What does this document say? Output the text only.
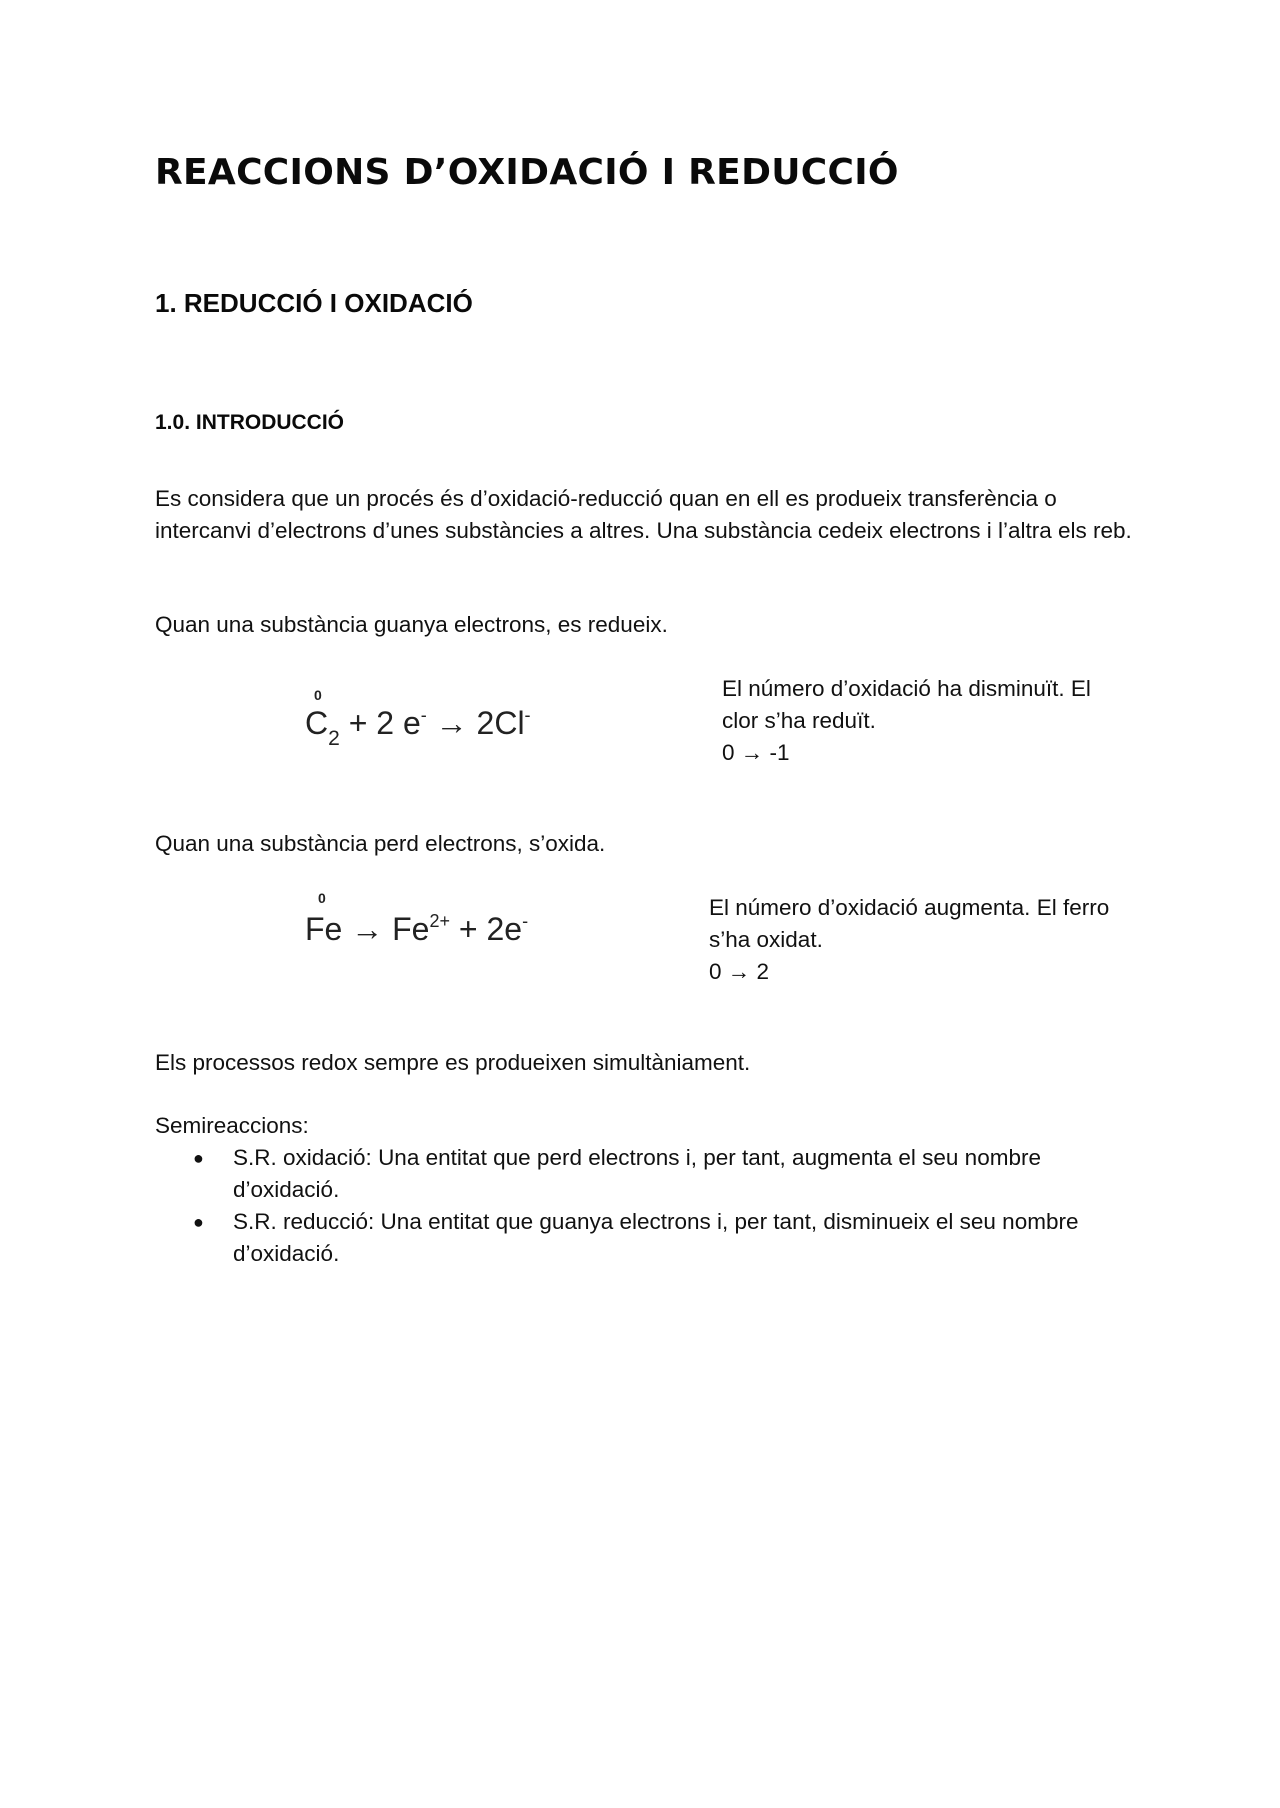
REACCIONS D’OXIDACIÓ I REDUCCIÓ
1. REDUCCIÓ I OXIDACIÓ
1.0. INTRODUCCIÓ

Es considera que un procés és d’oxidació-reducció quan en ell es produeix transferència o intercanvi d’electrons d’unes substàncies a altres. Una substància cedeix electrons i l’altra els reb.

Quan una substància guanya electrons, es redueix.

0
$C_2 + 2$ e- → 2Cl-
El número d’oxidació ha disminuït. El clor s’ha reduït.
0 → -1

Quan una substància perd electrons, s’oxida.

0
$Fe \to Fe^{2+} + 2e^-$
El número d’oxidació augmenta. El ferro s’ha oxidat.
0 → 2

Els processos redox sempre es produeixen simultàniament.

Semireaccions:

● S.R. oxidació: Una entitat que perd electrons i, per tant, augmenta el seu nombre d’oxidació.
● S.R. reducció: Una entitat que guanya electrons i, per tant, disminueix el seu nombre d’oxidació.
